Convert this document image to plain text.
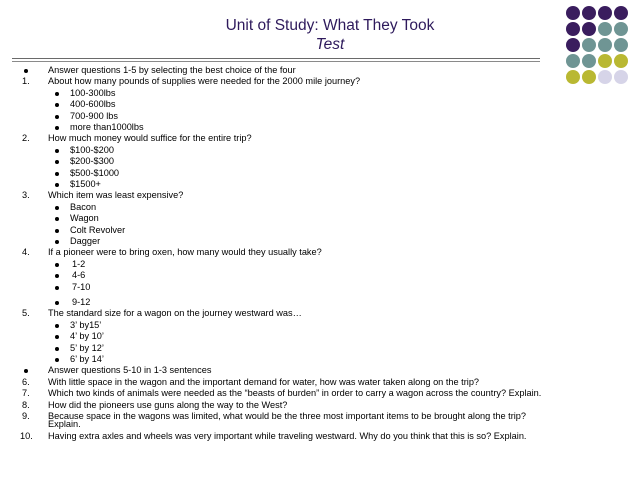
Unit of Study: What They Took
Test
Answer questions 1-5 by selecting the best choice of the four
1. About how many pounds of supplies were needed for the 2000 mile journey?
100-300lbs
400-600lbs
700-900 lbs
more than1000lbs
2. How much money would suffice for the entire trip?
$100-$200
$200-$300
$500-$1000
$1500+
3. Which item was least expensive?
Bacon
Wagon
Colt Revolver
Dagger
4. If a pioneer were to bring oxen, how many would they usually take?
1-2
4-6
7-10
9-12
5. The standard size for a wagon on the journey westward was…
3’ by15’
4’ by 10’
5’ by 12’
6’ by 14’
Answer questions 5-10 in 1-3 sentences
6. With little space in the wagon and the important demand for water, how was water taken along on the trip?
7. Which two kinds of animals were needed as the “beasts of burden” in order to carry a wagon across the country? Explain.
8. How did the pioneers use guns along the way to the West?
9. Because space in the wagons was limited, what would be the three most important items to be brought along the trip?
Explain.
10. Having extra axles and wheels was very important while traveling westward. Why do you think that this is so? Explain.
